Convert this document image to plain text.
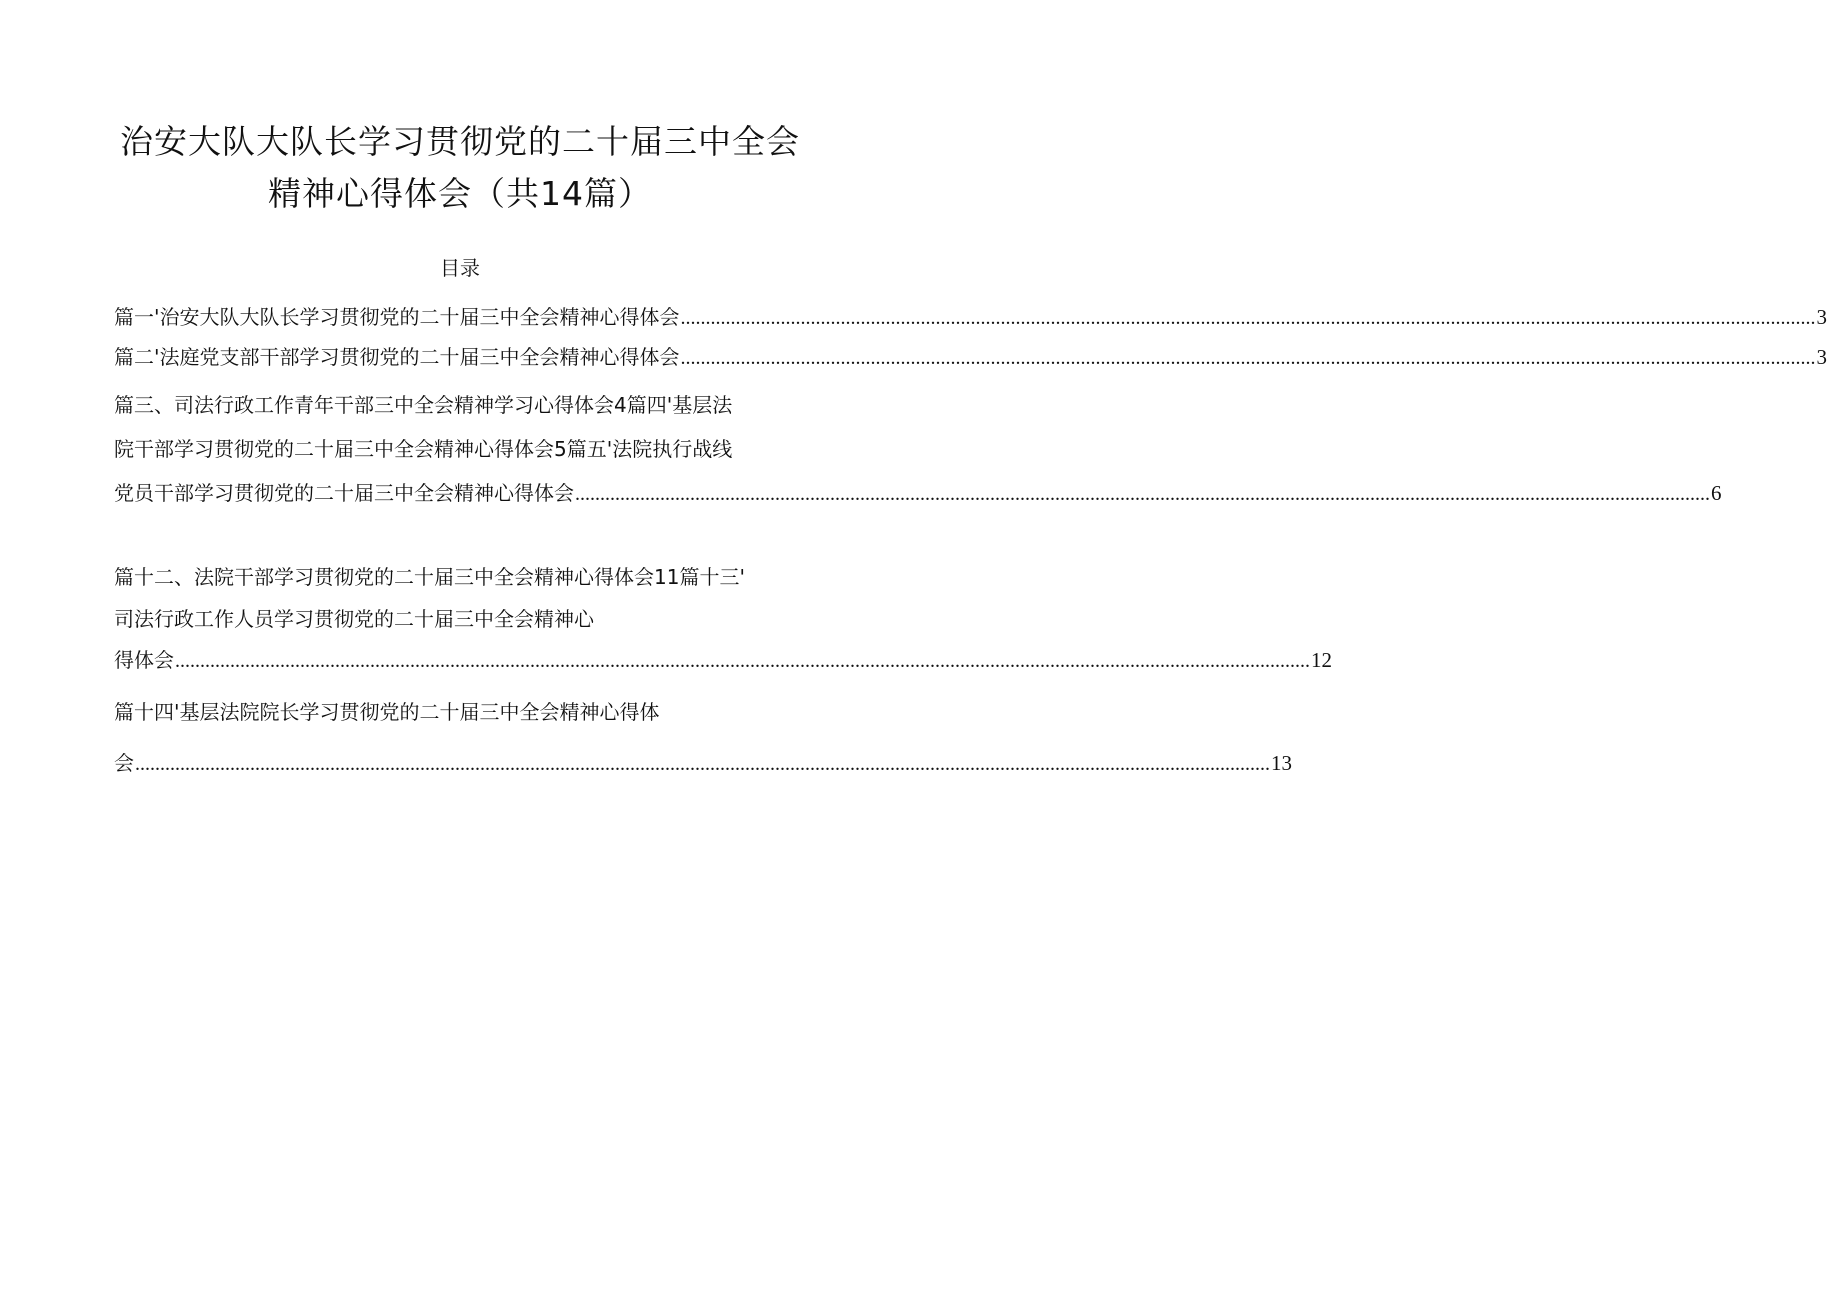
治安大队大队长学习贯彻党的二十届三中全会
精神心得体会（共14篇）
目录
篇一'治安大队大队长学习贯彻党的二十届三中全会精神心得体会 ................................................................................................................................................................................................................................... 3
篇二'法庭党支部干部学习贯彻党的二十届三中全会精神心得体会 ................................................................................................................................................................................................................................... 3
篇三、司法行政工作青年干部三中全会精神学习心得体会4篇四'基层法
院干部学习贯彻党的二十届三中全会精神心得体会5篇五'法院执行战线
党员干部学习贯彻党的二十届三中全会精神心得体会 ................................................................................................................................................................................................................................... 6
篇十二、法院干部学习贯彻党的二十届三中全会精神心得体会11篇十三'
司法行政工作人员学习贯彻党的二十届三中全会精神心
得体会 ................................................................................................................................................................................................................................... 12
篇十四'基层法院院长学习贯彻党的二十届三中全会精神心得体
会 ................................................................................................................................................................................................................................... 13
